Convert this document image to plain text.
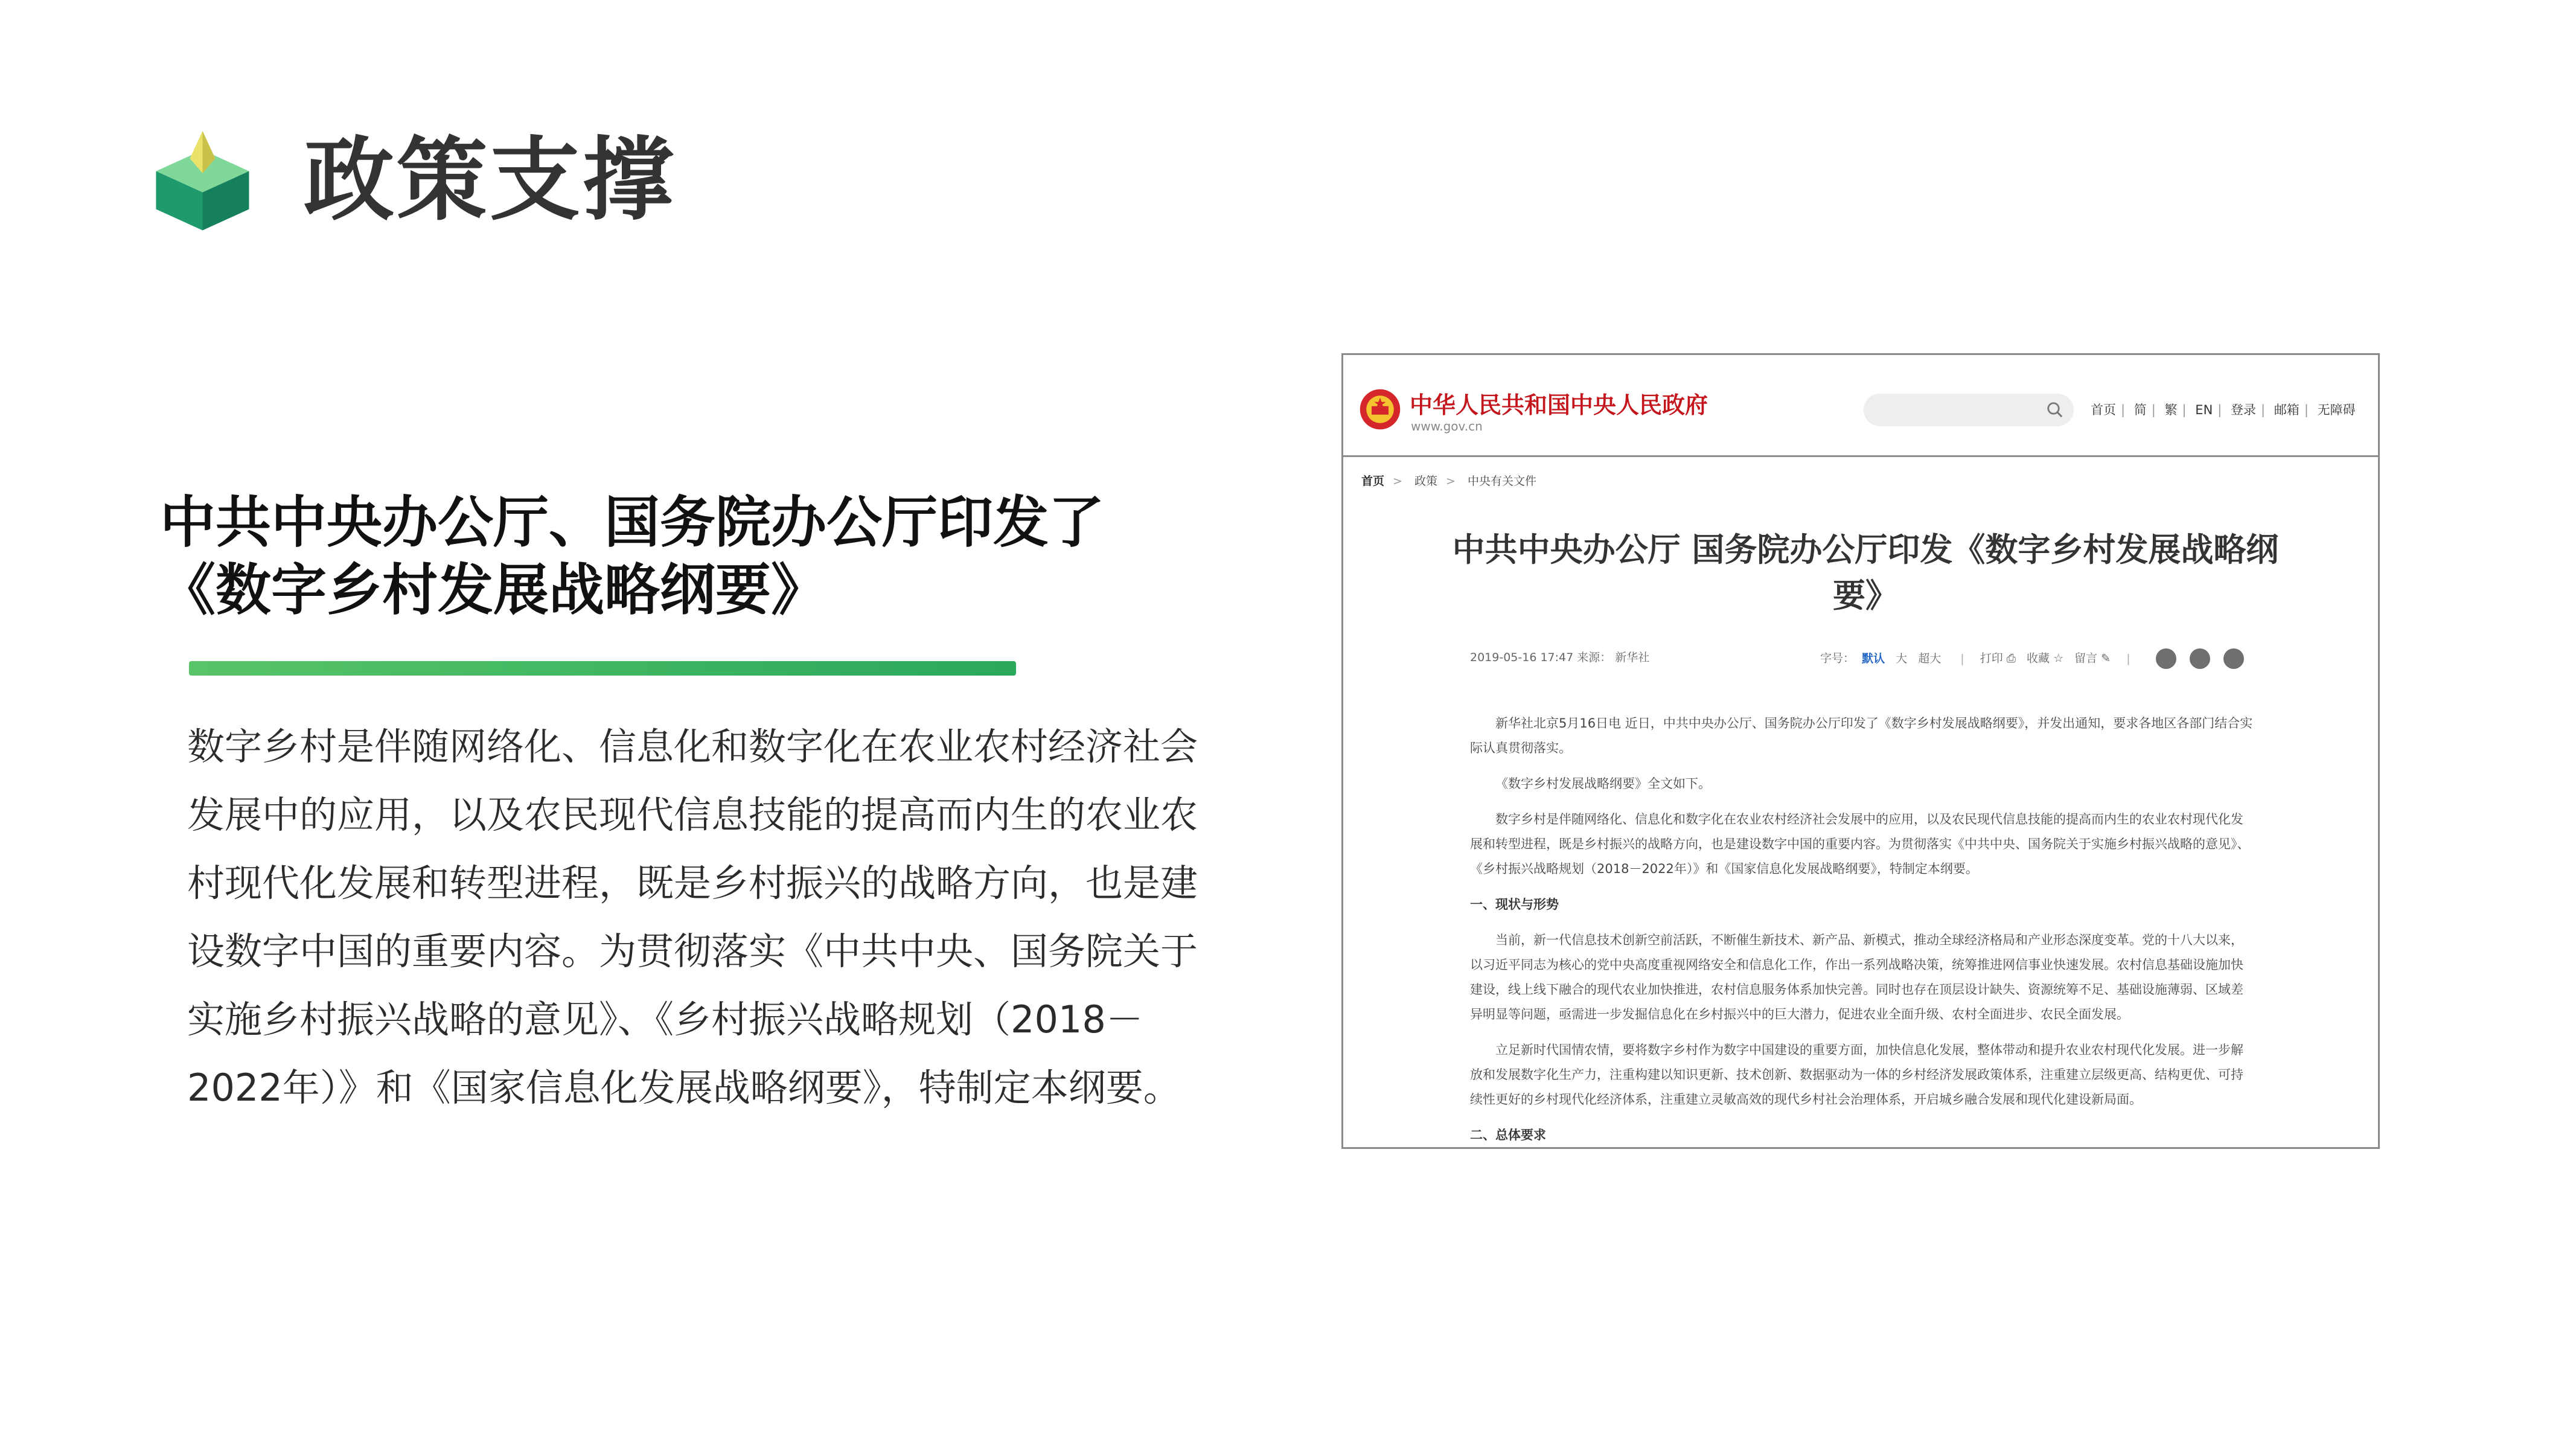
政策支撑
中共中央办公厅、国务院办公厅印发了
《数字乡村发展战略纲要》

数字乡村是伴随网络化、信息化和数字化在农业农村经济社会发展中的应用，以及农民现代信息技能的提高而内生的农业农村现代化发展和转型进程，既是乡村振兴的战略方向，也是建设数字中国的重要内容。为贯彻落实《中共中央、国务院关于实施乡村振兴战略的意见》、《乡村振兴战略规划（2018－2022年）》和《国家信息化发展战略纲要》，特制定本纲要。

中华人民共和国中央人民政府
www.gov.cn
首页 | 简 | 繁 | EN | 登录 | 邮箱 | 无障碍
首页 > 政策 > 中央有关文件
中共中央办公厅 国务院办公厅印发《数字乡村发展战略纲要》
2019-05-16 17:47 来源： 新华社	字号： 默认 大 超大 | 打印 ⎙ 收藏 ☆ 留言 ✎ |

新华社北京5月16日电 近日，中共中央办公厅、国务院办公厅印发了《数字乡村发展战略纲要》，并发出通知，要求各地区各部门结合实际认真贯彻落实。

《数字乡村发展战略纲要》全文如下。

数字乡村是伴随网络化、信息化和数字化在农业农村经济社会发展中的应用，以及农民现代信息技能的提高而内生的农业农村现代化发展和转型进程，既是乡村振兴的战略方向，也是建设数字中国的重要内容。为贯彻落实《中共中央、国务院关于实施乡村振兴战略的意见》、《乡村振兴战略规划（2018－2022年）》和《国家信息化发展战略纲要》，特制定本纲要。

一、现状与形势

当前，新一代信息技术创新空前活跃，不断催生新技术、新产品、新模式，推动全球经济格局和产业形态深度变革。党的十八大以来，以习近平同志为核心的党中央高度重视网络安全和信息化工作，作出一系列战略决策，统筹推进网信事业快速发展。农村信息基础设施加快建设，线上线下融合的现代农业加快推进，农村信息服务体系加快完善。同时也存在顶层设计缺失、资源统筹不足、基础设施薄弱、区域差异明显等问题，亟需进一步发掘信息化在乡村振兴中的巨大潜力，促进农业全面升级、农村全面进步、农民全面发展。

立足新时代国情农情，要将数字乡村作为数字中国建设的重要方面，加快信息化发展，整体带动和提升农业农村现代化发展。进一步解放和发展数字化生产力，注重构建以知识更新、技术创新、数据驱动为一体的乡村经济发展政策体系，注重建立层级更高、结构更优、可持续性更好的乡村现代化经济体系，注重建立灵敏高效的现代乡村社会治理体系，开启城乡融合发展和现代化建设新局面。

二、总体要求
